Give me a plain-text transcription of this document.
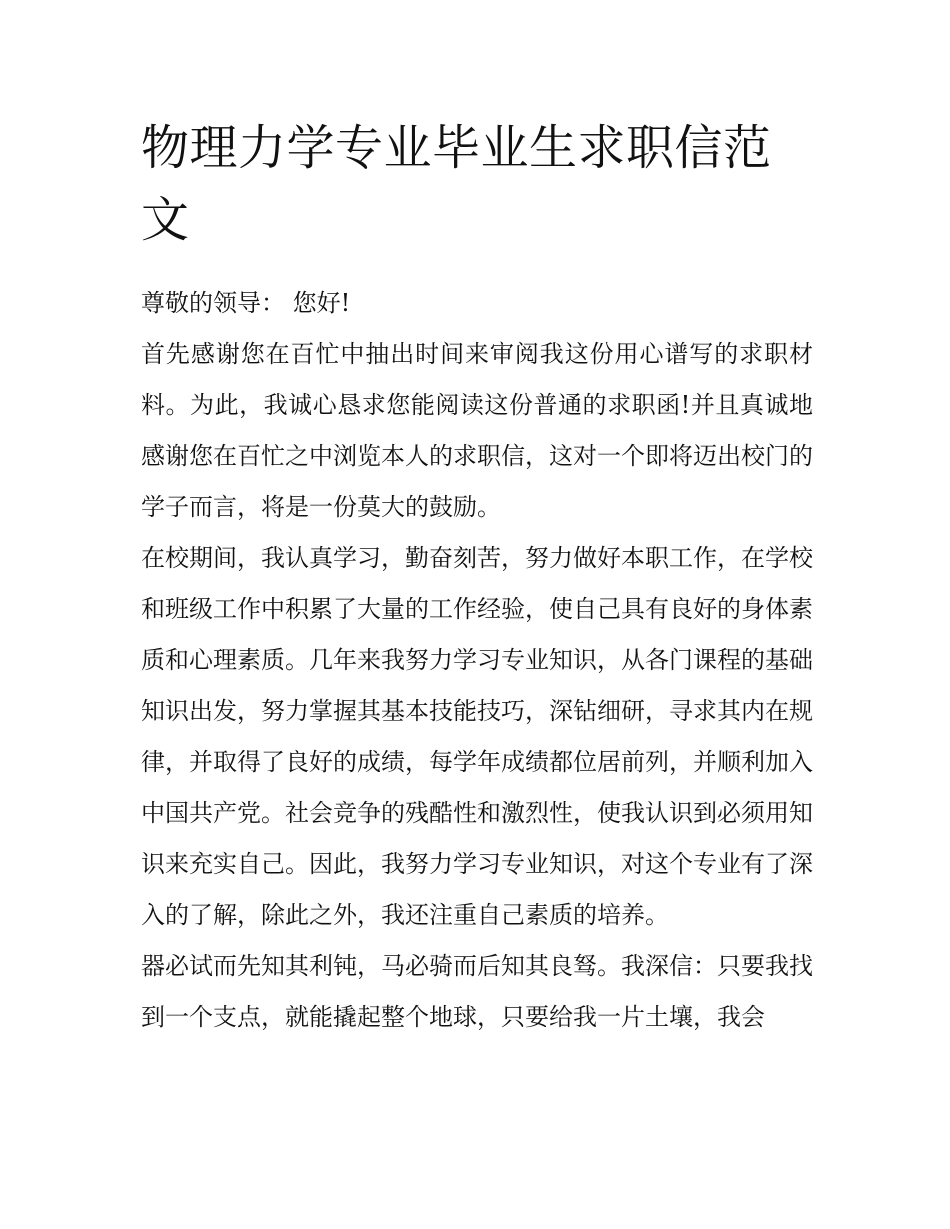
物理力学专业毕业生求职信范文

尊敬的领导： 您好!

首先感谢您在百忙中抽出时间来审阅我这份用心谱写的求职材料。为此，我诚心恳求您能阅读这份普通的求职函!并且真诚地感谢您在百忙之中浏览本人的求职信，这对一个即将迈出校门的学子而言，将是一份莫大的鼓励。

在校期间，我认真学习，勤奋刻苦，努力做好本职工作，在学校和班级工作中积累了大量的工作经验，使自己具有良好的身体素质和心理素质。几年来我努力学习专业知识，从各门课程的基础知识出发，努力掌握其基本技能技巧，深钻细研，寻求其内在规律，并取得了良好的成绩，每学年成绩都位居前列，并顺利加入中国共产党。社会竞争的残酷性和激烈性，使我认识到必须用知识来充实自己。因此，我努力学习专业知识，对这个专业有了深入的了解，除此之外，我还注重自己素质的培养。

器必试而先知其利钝，马必骑而后知其良驽。我深信：只要我找到一个支点，就能撬起整个地球，只要给我一片土壤，我会
